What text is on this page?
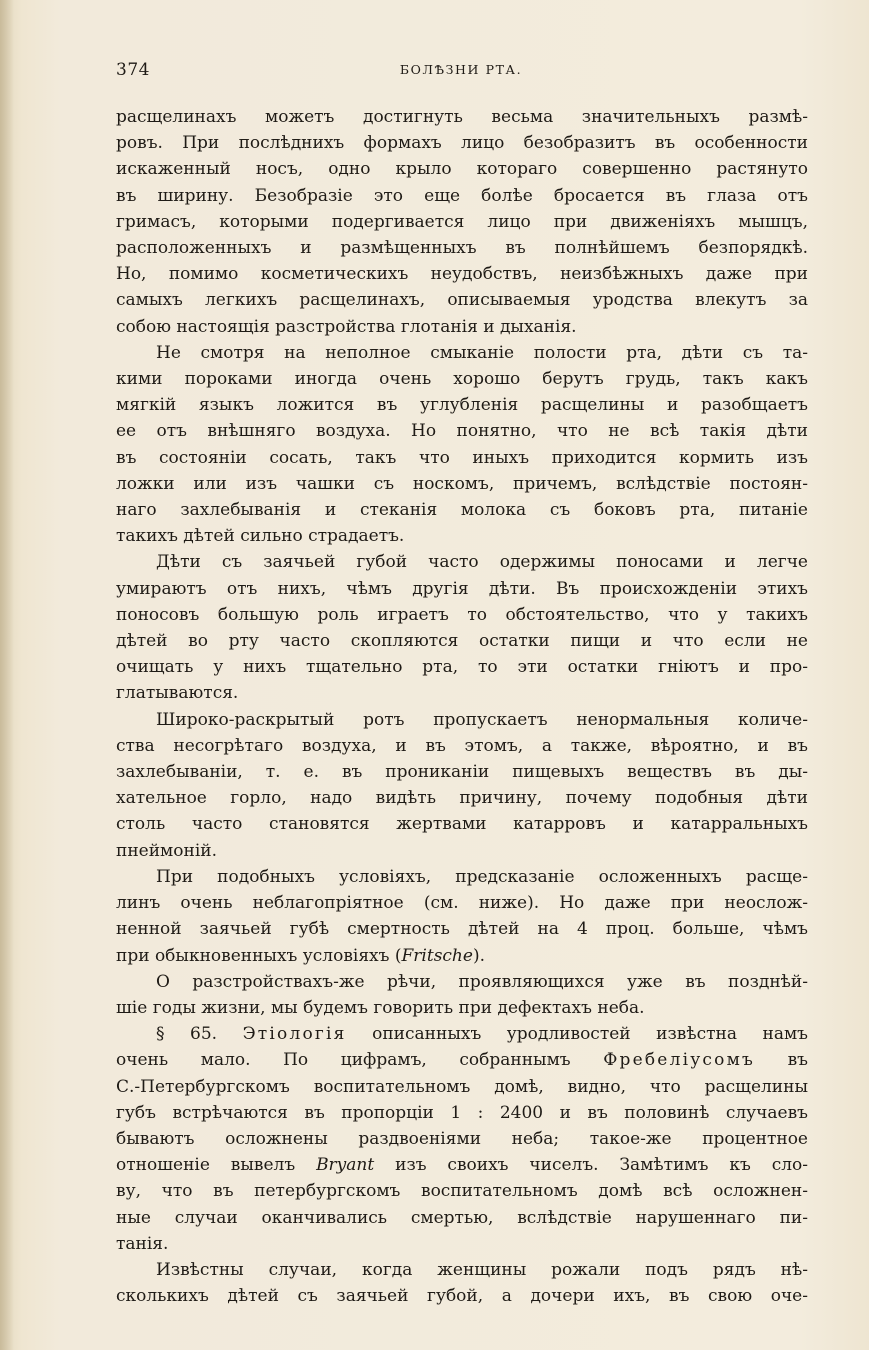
374	БОЛѢЗНИ РТА.
расщелинахъ можетъ достигнуть весьма значительныхъ размѣ-
ровъ. При послѣднихъ формахъ лицо безобразитъ въ особенности
искаженный носъ, одно крыло котораго совершенно растянуто
въ ширину. Безобразіе это еще болѣе бросается въ глаза отъ
гримасъ, которыми подергивается лицо при движеніяхъ мышцъ,
расположенныхъ и размѣщенныхъ въ полнѣйшемъ безпорядкѣ.
Но, помимо косметическихъ неудобствъ, неизбѣжныхъ даже при
самыхъ легкихъ расщелинахъ, описываемыя уродства влекутъ за
собою настоящія разстройства глотанія и дыханія.
Не смотря на неполное смыканіе полости рта, дѣти съ та-
кими пороками иногда очень хорошо берутъ грудь, такъ какъ
мягкій языкъ ложится въ углубленія расщелины и разобщаетъ
ее отъ внѣшняго воздуха. Но понятно, что не всѣ такія дѣти
въ состояніи сосать, такъ что иныхъ приходится кормить изъ
ложки или изъ чашки съ носкомъ, причемъ, вслѣдствіе постоян-
наго захлебыванія и стеканія молока съ боковъ рта, питаніе
такихъ дѣтей сильно страдаетъ.
Дѣти съ заячьей губой часто одержимы поносами и легче
умираютъ отъ нихъ, чѣмъ другія дѣти. Въ происхожденіи этихъ
поносовъ большую роль играетъ то обстоятельство, что у такихъ
дѣтей во рту часто скопляются остатки пищи и что если не
очищать у нихъ тщательно рта, то эти остатки гніютъ и про-
глатываются.
Широко-раскрытый ротъ пропускаетъ ненормальныя количе-
ства несогрѣтаго воздуха, и въ этомъ, а также, вѣроятно, и въ
захлебываніи, т. е. въ прониканіи пищевыхъ веществъ въ ды-
хательное горло, надо видѣть причину, почему подобныя дѣти
столь часто становятся жертвами катарровъ и катарральныхъ
пнеймоній.
При подобныхъ условіяхъ, предсказаніе осложенныхъ расще-
линъ очень неблагопріятное (см. ниже). Но даже при неослож-
ненной заячьей губѣ смертность дѣтей на 4 проц. больше, чѣмъ
при обыкновенныхъ условіяхъ (Fritsche).
О разстройствахъ-же рѣчи, проявляющихся уже въ позднѣй-
шіе годы жизни, мы будемъ говорить при дефектахъ неба.
§ 65. Этіологія описанныхъ уродливостей извѣстна намъ
очень мало. По цифрамъ, собраннымъ Фребеліусомъ въ
С.-Петербургскомъ воспитательномъ домѣ, видно, что расщелины
губъ встрѣчаются въ пропорціи 1 : 2400 и въ половинѣ случаевъ
бываютъ осложнены раздвоеніями неба; такое-же процентное
отношеніе вывелъ Bryant изъ своихъ чиселъ. Замѣтимъ къ сло-
ву, что въ петербургскомъ воспитательномъ домѣ всѣ осложнен-
ные случаи оканчивались смертью, вслѣдствіе нарушеннаго пи-
танія.
Извѣстны случаи, когда женщины рожали подъ рядъ нѣ-
сколькихъ дѣтей съ заячьей губой, а дочери ихъ, въ свою оче-
